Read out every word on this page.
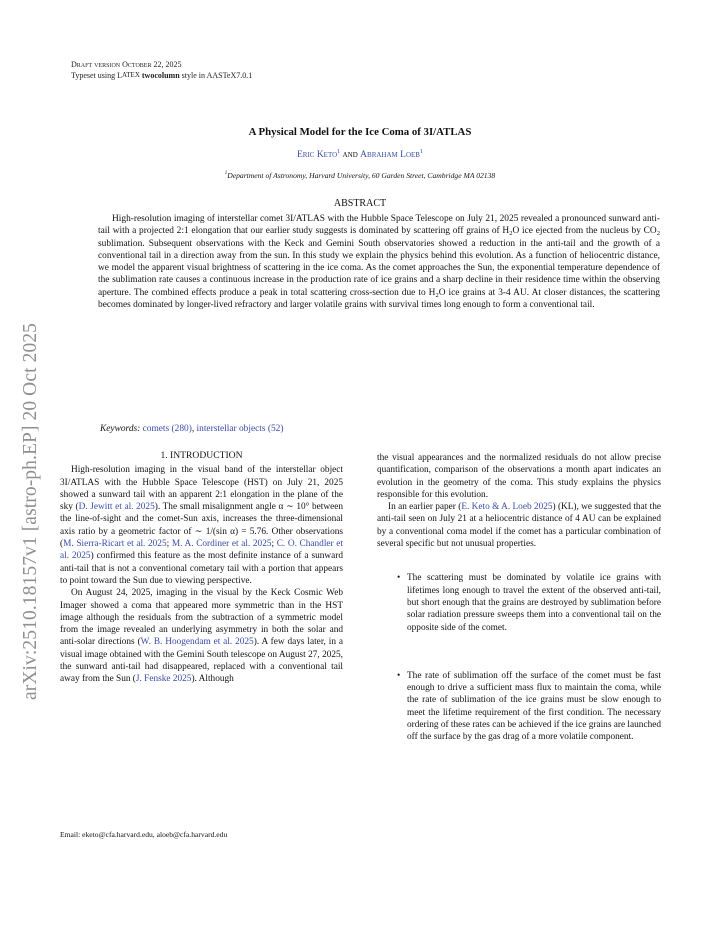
arXiv:2510.18157v1 [astro-ph.EP] 20 Oct 2025
Draft version October 22, 2025
Typeset using LATEX twocolumn style in AASTeX7.0.1
A Physical Model for the Ice Coma of 3I/ATLAS
Eric Keto$^1$ and Abraham Loeb$^1$
$^1$Department of Astronomy, Harvard University, 60 Garden Street, Cambridge MA 02138
ABSTRACT

High-resolution imaging of interstellar comet 3I/ATLAS with the Hubble Space Telescope on July 21, 2025 revealed a pronounced sunward anti-tail with a projected 2:1 elongation that our earlier study suggests is dominated by scattering off grains of $H_2O$ ice ejected from the nucleus by $CO_2$ sublimation. Subsequent observations with the Keck and Gemini South observatories showed a reduction in the anti-tail and the growth of a conventional tail in a direction away from the sun. In this study we explain the physics behind this evolution. As a function of heliocentric distance, we model the apparent visual brightness of scattering in the ice coma. As the comet approaches the Sun, the exponential temperature dependence of the sublimation rate causes a continuous increase in the production rate of ice grains and a sharp decline in their residence time within the observing aperture. The combined effects produce a peak in total scattering cross-section due to $H_2O$ ice grains at 3-4 AU. At closer distances, the scattering becomes dominated by longer-lived refractory and larger volatile grains with survival times long enough to form a conventional tail.

Keywords: comets (280), interstellar objects (52)

1. INTRODUCTION

High-resolution imaging in the visual band of the interstellar object 3I/ATLAS with the Hubble Space Telescope (HST) on July 21, 2025 showed a sunward tail with an apparent 2:1 elongation in the plane of the sky (D. Jewitt et al. 2025). The small misalignment angle α ∼ 10° between the line-of-sight and the comet-Sun axis, increases the three-dimensional axis ratio by a geometric factor of ∼ 1/(sin α) = 5.76. Other observations (M. Sierra-Ricart et al. 2025; M. A. Cordiner et al. 2025; C. O. Chandler et al. 2025) confirmed this feature as the most definite instance of a sunward anti-tail that is not a conventional cometary tail with a portion that appears to point toward the Sun due to viewing perspective.

On August 24, 2025, imaging in the visual by the Keck Cosmic Web Imager showed a coma that appeared more symmetric than in the HST image although the residuals from the subtraction of a symmetric model from the image revealed an underlying asymmetry in both the solar and anti-solar directions (W. B. Hoogendam et al. 2025). A few days later, in a visual image obtained with the Gemini South telescope on August 27, 2025, the sunward anti-tail had disappeared, replaced with a conventional tail away from the Sun (J. Fenske 2025). Although

the visual appearances and the normalized residuals do not allow precise quantification, comparison of the observations a month apart indicates an evolution in the geometry of the coma. This study explains the physics responsible for this evolution.

In an earlier paper (E. Keto & A. Loeb 2025) (KL), we suggested that the anti-tail seen on July 21 at a heliocentric distance of 4 AU can be explained by a conventional coma model if the comet has a particular combination of several specific but not unusual properties.

• The scattering must be dominated by volatile ice grains with lifetimes long enough to travel the extent of the observed anti-tail, but short enough that the grains are destroyed by sublimation before solar radiation pressure sweeps them into a conventional tail on the opposite side of the comet.
• The rate of sublimation off the surface of the comet must be fast enough to drive a sufficient mass flux to maintain the coma, while the rate of sublimation of the ice grains must be slow enough to meet the lifetime requirement of the first condition. The necessary ordering of these rates can be achieved if the ice grains are launched off the surface by the gas drag of a more volatile component.
Email: eketo@cfa.harvard.edu, aloeb@cfa.harvard.edu
